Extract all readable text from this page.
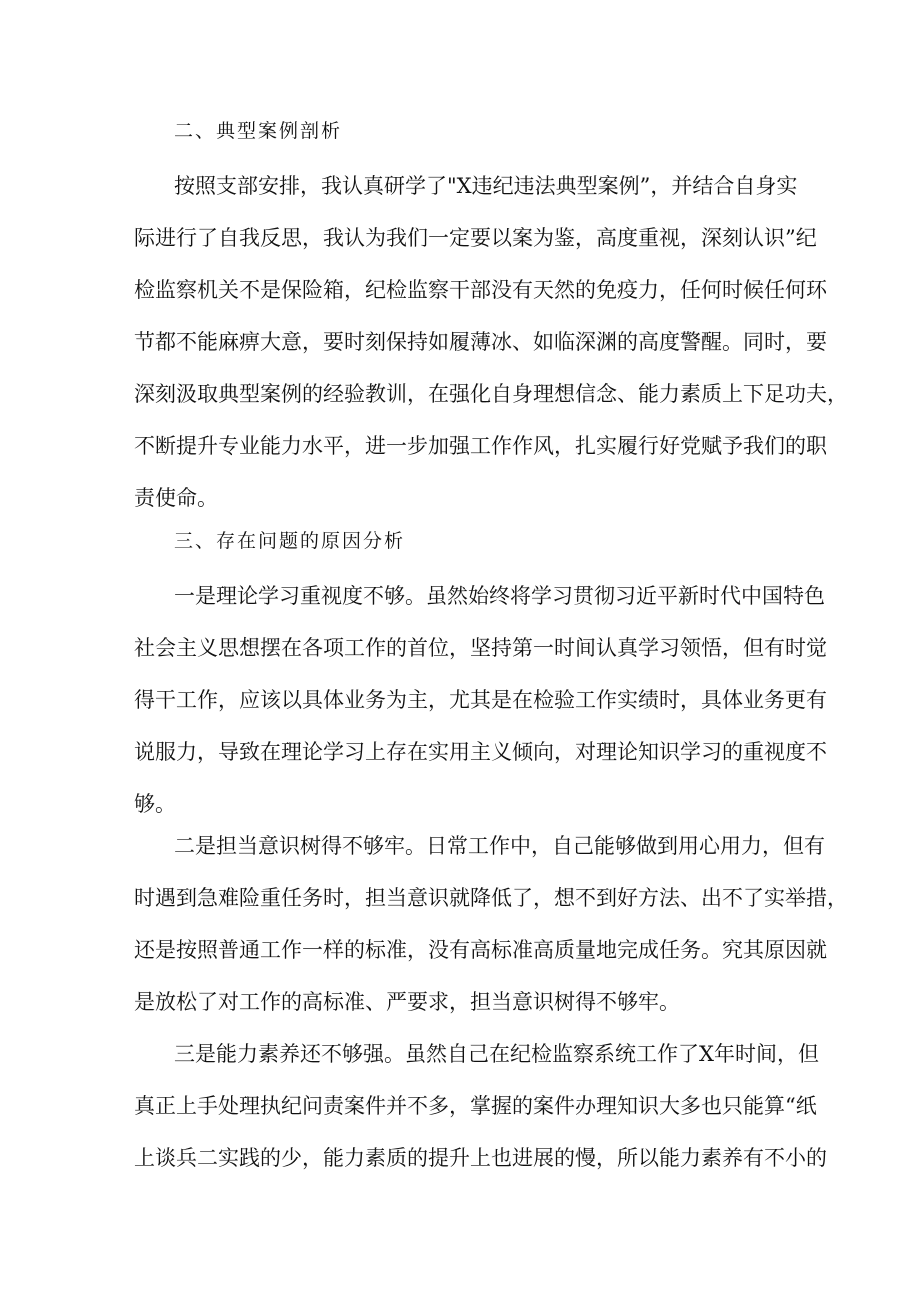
二、典型案例剖析

按照支部安排，我认真研学了"X违纪违法典型案例”，并结合自身实
际进行了自我反思，我认为我们一定要以案为鉴，高度重视，深刻认识”纪
检监察机关不是保险箱，纪检监察干部没有天然的免疫力，任何时候任何环
节都不能麻痹大意，要时刻保持如履薄冰、如临深渊的高度警醒。同时，要
深刻汲取典型案例的经验教训，在强化自身理想信念、能力素质上下足功夫，
不断提升专业能力水平，进一步加强工作作风，扎实履行好党赋予我们的职
责使命。

三、存在问题的原因分析

一是理论学习重视度不够。虽然始终将学习贯彻习近平新时代中国特色
社会主义思想摆在各项工作的首位，坚持第一时间认真学习领悟，但有时觉
得干工作，应该以具体业务为主，尤其是在检验工作实绩时，具体业务更有
说服力，导致在理论学习上存在实用主义倾向，对理论知识学习的重视度不
够。
二是担当意识树得不够牢。日常工作中，自己能够做到用心用力，但有
时遇到急难险重任务时，担当意识就降低了，想不到好方法、出不了实举措，
还是按照普通工作一样的标准，没有高标准高质量地完成任务。究其原因就
是放松了对工作的高标准、严要求，担当意识树得不够牢。
三是能力素养还不够强。虽然自己在纪检监察系统工作了X年时间，但
真正上手处理执纪问责案件并不多，掌握的案件办理知识大多也只能算“纸
上谈兵二实践的少，能力素质的提升上也进展的慢，所以能力素养有不小的
